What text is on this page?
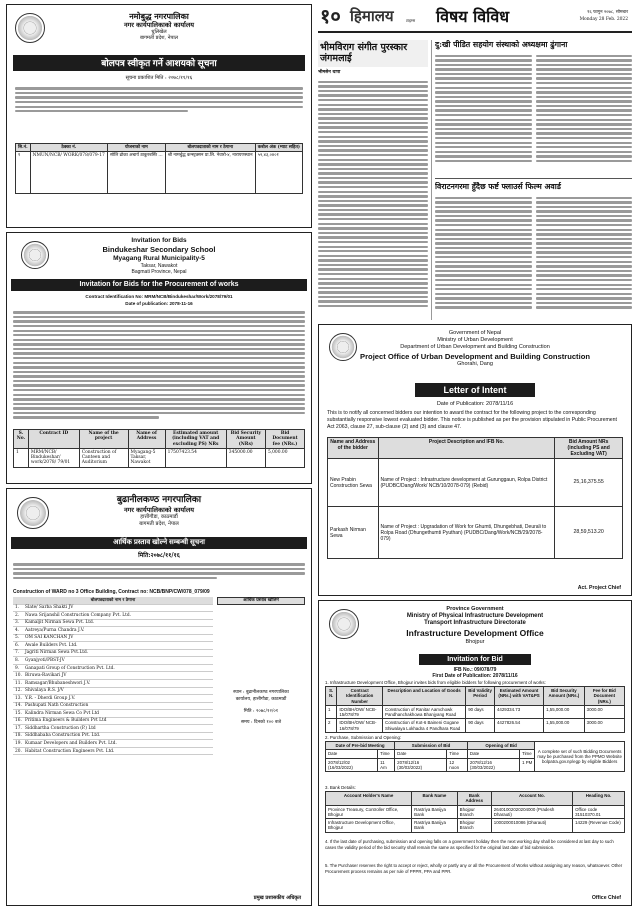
१० हिमालय	टाइम्स विषय विविध	१६ फागुन २०७८, सोमबार
Monday 28 Feb. 2022
नमोबुद्ध नगरपालिका
नगर कार्यपालिकाको कार्यालय
धुलिखेल
बागमती प्रदेश, नेपाल
बोलपत्र स्वीकृत गर्ने आशयको सूचना
सूचना प्रकाशित मिति : २०७८/११/१६
सि.नं.	ठेक्का नं.	योजनाको नाम	बोलपत्रदाताको नाम र ठेगाना	कबोल अंक (भ्याट सहित)
१	NMUN/NCB/ WORK/078/079-17	सोलि ढोका अचार्य ठाकुरबस्ति ...	श्री नामर्बुद्ध कन्स्ट्रक्सन प्रा.लि. नेवारो-४, नारायणस्थान	५२,४३,०४०१
Invitation for Bids
Bindukeshar Secondary School
Myagang Rural Municipality-5
Taksar, Nawakot
Bagmati Province, Nepal
Invitation for Bids for the Procurement of works
Contract Identification No: MRM/NCB/Bindukeshar/Work/2078/79/01
Date of publication: 2078-11-16
S. No.	Contract ID	Name of the project	Name of Address	Estimated amount (including VAT and excluding PS) NRs	Bid Security Amount (NRs)	Bid Document fee (NRs.)
1	MRM/NCB/ Bindukeshar/ work/2078/ 79/01	Construction of Canteen and Auditorium	Myagang-5 Taksar, Nawakot	17507423.54	345000.00	5,000.00
बुढानीलकण्ठ नगरपालिका
नगर कार्यपालिकाको कार्यालय
हात्तीगौडा, काठमाडौं
बागमती प्रदेश, नेपाल
आर्थिक प्रस्ताव खोल्ने सम्बन्धी सूचना
मिति:२०७८/११/१६
Construction of WARD no 3 Office Building, Contract no: NCB/BNP/CW/078_079/09
बोलपत्रदाताको नाम र ठेगाना
1.	Slate/ Sarba Shakti JV
2.	Nawa Srijanshil Construction Company Pvt. Ltd.
3.	Kamaljit Nirman Sewa Pvt. Ltd.
4.	Aatreya/Purna Chandra J.V.
5.	OM SAI KANCHAN JV
6.	Awale Builders Pvt. Ltd.
7.	Jagriti Nirman Sewa Pvt.Ltd.
8.	Gyanjyoti/PBST-JV
9.	Ganapati Group of Construction Pvt. Ltd.
10. Biruwa-Ravikari JV
11. Ramsagar/Bhubaneshwori J.V.
12. Shivalaya R.S. J/V
13. Y.R. - Dherdi Group J.V.
14. Pashupati Nath Construction
15. Kalindra Nirman Sewa Co Pvt Ltd
16. Pritima Engineers & Builders Pvt Ltd
17. Siddhartha Construction (P.) Ltd
18. Siddhababa Construction Pvt. Ltd.
19. Kumaar Developers and Builders Pvt. Ltd.
20. Habitat Construction Engineers Pvt. Ltd.
आर्थिक प्रस्ताव खोलिने
स्थान : बुढानीलकण्ठ नगरपालिका
कार्यालय, हात्तीगौडा, काठमाडौं
मिति : २०७८/१२/०१
समय : दिनको १०० बजे
प्रमुख प्रशासकीय अधिकृत
भीमविराग संगीत पुरस्कार जंगमलाई
भीमसेन थापा
दु:खी पीडित सहयोग संस्थाको अध्यक्षमा ढुंगाना
विराटनगरमा हुँदैछ फर्ष्ट फ्लाउर्स फिल्म अवार्ड
Government of Nepal
Ministry of Urban Development
Department of Urban Development and Building Construction
Project Office of Urban Development and Building Construction
Ghorahi, Dang
Letter of Intent
Date of Publication: 2078/11/16
This is to notify all concerned bidders our intention to award the contract for the following project to the corresponding substantially responsive lowest evaluated bidder. This notice is published as per the provision stipulated in Public Procurement Act 2063, clause 27, sub-clause (2) and (3) and clause 47.
Name and Address of the bidder	Project Description and IFB No.	Bid Amount NRs (including PS and Excluding VAT)
New Prabin Construction Sewa	Name of Project : Infrastructure development at Gurunggaun, Rolpa District (PUDBC/Dang/Work/ NCB/10/2078-079) (Rebid)	25,16,375.55
Parkash Nirman Sewa	Name of Project : Upgradation of Work for Ghumti, Dhungebhati, Deurali to Rolpa Road (Dhungethumti Pyuthan) (PUDBC/Dang/Work/NCB/29/2078-079)	28,59,513.20
Act. Project Chief
Province Government
Ministry of Physical Infrastructure Development
Transport Infrastructure Directorate
Infrastructure Development Office
Bhojpur
Invitation for Bid
IFB No.: 09/078/79
First Date of Publication: 2078/11/16
1. Infrastructure Development Office, Bhojpur invites bids from eligible bidders for following procurement of works:
S. N.	Contract Identification Number	Description and Location of Goods	Bid Validity Period	Estimated Amount (NRs.) with VAT&PS	Bid Security Amount (NRs.)	Fee for Bid Document (NRs.)
1	IDO/BH/OW/ NCB-15/078/79	Construction of Ranitar Aamchowk Pandhanchakhowa Bhanjyang Road	90 days	4429334.73	1,55,000.00	3000.00
2	IDO/BH/OW/ NCB-16/078/79	Construction of Kot-6 Baineni Gogane Shiwalaya Lokhadra 4 Pandhara Road	90 days	4427826.54	1,55,000.00	3000.00
2. Purchase, Submission and Opening:
Date of Pre-bid Meeting		Submission of Bid		Opening of Bid		A complete set of such Bidding Documents may be purchased from the PPMO Website bolpatra.gov.np/egp by eligible Bidders
Date	Time	Date	Time	Date	Time	
2078/12/02 (16/03/2022)	11 Am	2078/12/16 (30/03/2022)	12 noon	2078/12/16 (30/03/2022)	1 PM	
3. Bank Details:
Account Holder's Name	Bank Name	Bank Address	Account No.	Heading No.
Province Treasury, Controller Office, Bhojpur	Rastriya Banijya Bank	Bhojpur Branch	26401002020204000 (Pradesh Dharauti)	Office code 31510370.01
Infrastructure Development Office, Bhojpur	Rastriya Banijya Bank	Bhojpur Branch	1000200010086 (Dharauti)	14229 (Revenue Code)
4. If the last date of purchasing, submission and opening falls on a government holiday then the next working day shall be considered at last day to such cases the validity period of the bid security shall remain the same as specified for the original last date of bid submission.
5. The Purchaser reserves the right to accept or reject, wholly or partly any or all the Procurement of Works without assigning any reason, whatsoever. Other Procurement process remains as per rule of PPPR, PPA and PPR.
Office Chief
